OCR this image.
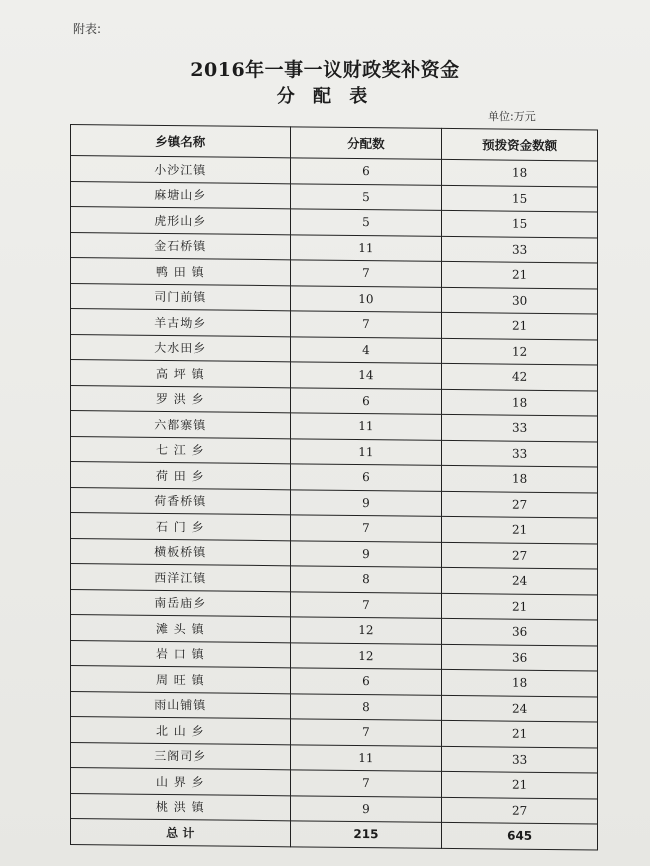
附表:
2016年一事一议财政奖补资金
分 配 表
单位:万元
乡镇名称	分配数	预拨资金数额
小沙江镇	6	18
麻塘山乡	5	15
虎形山乡	5	15
金石桥镇	11	33
鸭 田 镇	7	21
司门前镇	10	30
羊古坳乡	7	21
大水田乡	4	12
高 坪 镇	14	42
罗 洪 乡	6	18
六都寨镇	11	33
七 江 乡	11	33
荷 田 乡	6	18
荷香桥镇	9	27
石 门 乡	7	21
横板桥镇	9	27
西洋江镇	8	24
南岳庙乡	7	21
滩 头 镇	12	36
岩 口 镇	12	36
周 旺 镇	6	18
雨山铺镇	8	24
北 山 乡	7	21
三阁司乡	11	33
山 界 乡	7	21
桃 洪 镇	9	27
总 计	215	645
